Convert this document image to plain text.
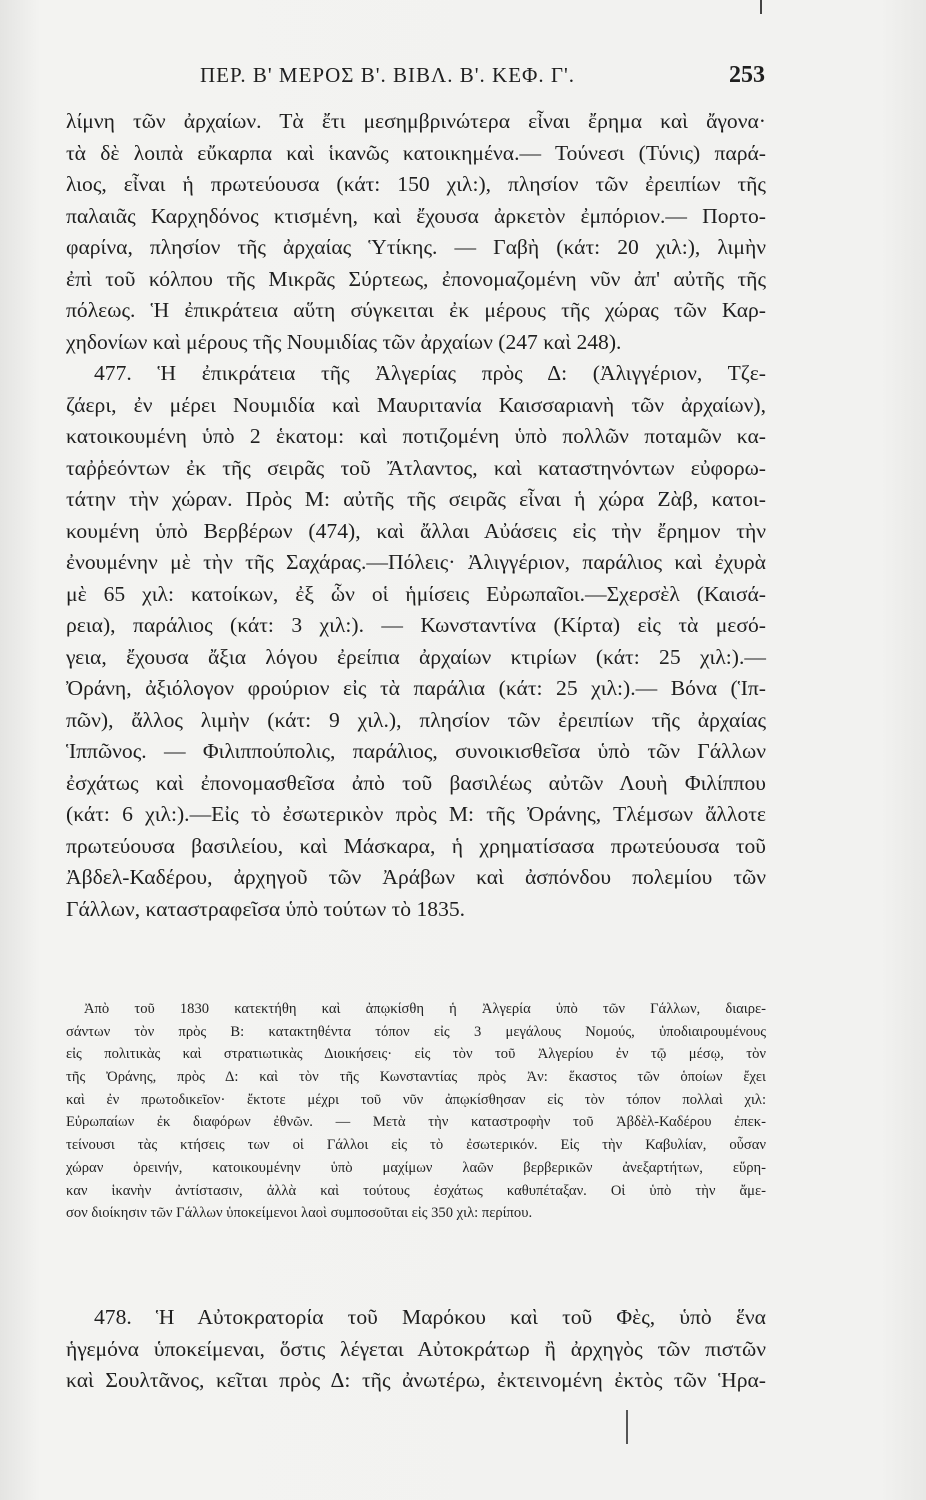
ΠΕΡ. Β' ΜΕΡΟΣ Β'. ΒΙΒΛ. Β'. ΚΕΦ. Γ'.	253
λίμνη τῶν ἀρχαίων. Τὰ ἔτι μεσημβρινώτερα εἶναι ἔρημα καὶ ἄγονα·
τὰ δὲ λοιπὰ εὔκαρπα καὶ ἱκανῶς κατοικημένα.— Τούνεσι (Τύνις) παρά-
λιος, εἶναι ἡ πρωτεύουσα (κάτ: 150 χιλ:), πλησίον τῶν ἐρειπίων τῆς
παλαιᾶς Καρχηδόνος κτισμένη, καὶ ἔχουσα ἀρκετὸν ἐμπόριον.— Πορτο-
φαρίνα, πλησίον τῆς ἀρχαίας Ὑτίκης. — Γαβὴ (κάτ: 20 χιλ:), λιμὴν
ἐπὶ τοῦ κόλπου τῆς Μικρᾶς Σύρτεως, ἐπονομαζομένη νῦν ἀπ' αὐτῆς τῆς
πόλεως. Ἡ ἐπικράτεια αὕτη σύγκειται ἐκ μέρους τῆς χώρας τῶν Καρ-
χηδονίων καὶ μέρους τῆς Νουμιδίας τῶν ἀρχαίων (247 καὶ 248).
477. Ἡ ἐπικράτεια τῆς Ἀλγερίας πρὸς Δ: (Ἀλιγγέριον, Τζε-
ζάερι, ἐν μέρει Νουμιδία καὶ Μαυριτανία Καισσαριανὴ τῶν ἀρχαίων),
κατοικουμένη ὑπὸ 2 ἑκατομ: καὶ ποτιζομένη ὑπὸ πολλῶν ποταμῶν κα-
ταῤῥεόντων ἐκ τῆς σειρᾶς τοῦ Ἄτλαντος, καὶ καταστηνόντων εὐφορω-
τάτην τὴν χώραν. Πρὸς Μ: αὐτῆς τῆς σειρᾶς εἶναι ἡ χώρα Ζὰβ, κατοι-
κουμένη ὑπὸ Βερβέρων (474), καὶ ἄλλαι Αὐάσεις εἰς τὴν ἔρημον τὴν
ἐνουμένην μὲ τὴν τῆς Σαχάρας.—Πόλεις· Ἀλιγγέριον, παράλιος καὶ ἐχυρὰ
μὲ 65 χιλ: κατοίκων, ἐξ ὧν οἱ ἡμίσεις Εὐρωπαῖοι.—Σχερσὲλ (Καισά-
ρεια), παράλιος (κάτ: 3 χιλ:). — Κωνσταντίνα (Κίρτα) εἰς τὰ μεσό-
γεια, ἔχουσα ἄξια λόγου ἐρείπια ἀρχαίων κτιρίων (κάτ: 25 χιλ:).—
Ὀράνη, ἀξιόλογον φρούριον εἰς τὰ παράλια (κάτ: 25 χιλ:).— Βόνα (Ἱπ-
πῶν), ἄλλος λιμὴν (κάτ: 9 χιλ.), πλησίον τῶν ἐρειπίων τῆς ἀρχαίας
Ἱππῶνος. — Φιλιππούπολις, παράλιος, συνοικισθεῖσα ὑπὸ τῶν Γάλλων
ἐσχάτως καὶ ἐπονομασθεῖσα ἀπὸ τοῦ βασιλέως αὐτῶν Λουὴ Φιλίππου
(κάτ: 6 χιλ:).—Εἰς τὸ ἐσωτερικὸν πρὸς Μ: τῆς Ὀράνης, Τλέμσων ἄλλοτε
πρωτεύουσα βασιλείου, καὶ Μάσκαρα, ἡ χρηματίσασα πρωτεύουσα τοῦ
Ἀβδελ-Καδέρου, ἀρχηγοῦ τῶν Ἀράβων καὶ ἀσπόνδου πολεμίου τῶν
Γάλλων, καταστραφεῖσα ὑπὸ τούτων τὸ 1835.
Ἀπὸ τοῦ 1830 κατεκτήθη καὶ ἀπῳκίσθη ἡ Ἀλγερία ὑπὸ τῶν Γάλλων, διαιρε-
σάντων τὸν πρὸς Β: κατακτηθέντα τόπον εἰς 3 μεγάλους Νομούς, ὑποδιαιρουμένους
εἰς πολιτικὰς καὶ στρατιωτικὰς Διοικήσεις· εἰς τὸν τοῦ Ἀλγερίου ἐν τῷ μέσῳ, τὸν
τῆς Ὀράνης, πρὸς Δ: καὶ τὸν τῆς Κωνσταντίας πρὸς Ἀν: ἕκαστος τῶν ὁποίων ἔχει
καὶ ἐν πρωτοδικεῖον· ἔκτοτε μέχρι τοῦ νῦν ἀπῳκίσθησαν εἰς τὸν τόπον πολλαὶ χιλ:
Εὐρωπαίων ἐκ διαφόρων ἐθνῶν. — Μετὰ τὴν καταστροφὴν τοῦ Ἀβδὲλ-Καδέρου ἐπεκ-
τείνουσι τὰς κτήσεις των οἱ Γάλλοι εἰς τὸ ἐσωτερικόν. Εἰς τὴν Καβυλίαν, οὖσαν
χώραν ὀρεινήν, κατοικουμένην ὑπὸ μαχίμων λαῶν βερβερικῶν ἀνεξαρτήτων, εὕρη-
καν ἱκανὴν ἀντίστασιν, ἀλλὰ καὶ τούτους ἐσχάτως καθυπέταξαν. Οἱ ὑπὸ τὴν ἄμε-
σον διοίκησιν τῶν Γάλλων ὑποκείμενοι λαοὶ συμποσοῦται εἰς 350 χιλ: περίπου.
478. Ἡ Αὐτοκρατορία τοῦ Μαρόκου καὶ τοῦ Φὲς, ὑπὸ ἕνα
ἡγεμόνα ὑποκείμεναι, ὅστις λέγεται Αὐτοκράτωρ ἢ ἀρχηγὸς τῶν πιστῶν
καὶ Σουλτᾶνος, κεῖται πρὸς Δ: τῆς ἀνωτέρω, ἐκτεινομένη ἐκτὸς τῶν Ἡρα-
